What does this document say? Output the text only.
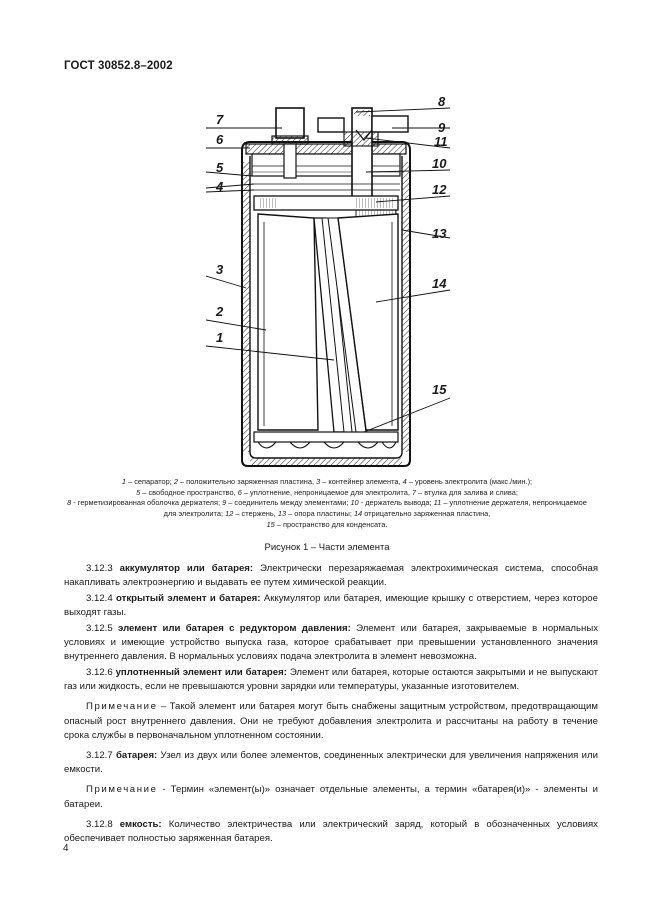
ГОСТ 30852.8–2002
7
6
5
4
3
2
1
8
9
11
10
12
13
14
15
1 – сепаратор; 2 – положительно заряженная пластина, 3 – контейнер элемента, 4 – уровень электролита (макс./мин.);
5 – свободное пространство, 6 – уплотнение, непроницаемое для электролита, 7 – втулка для залива и слива;
8 - герметизированная оболочка держателя; 9 – соединитель между элементами; 10 - держатель вывода; 11 – уплотнение держателя, непроницаемое для электролита; 12 – стержень, 13 – опора пластины; 14 отрицательно заряженная пластина,
15 – пространство для конденсата.
Рисунок 1 – Части элемента

3.12.3 аккумулятор или батарея: Электрически перезаряжаемая электрохимическая система, способная накапливать электроэнергию и выдавать ее путем химической реакции.

3.12.4 открытый элемент и батарея: Аккумулятор или батарея, имеющие крышку с отверстием, через которое выходят газы.

3.12.5 элемент или батарея с редуктором давления: Элемент или батарея, закрываемые в нормальных условиях и имеющие устройство выпуска газа, которое срабатывает при превышении установленного значения внутреннего давления. В нормальных условиях подача электролита в элемент невозможна.

3.12.6 уплотненный элемент или батарея: Элемент или батарея, которые остаются закрытыми и не выпускают газ или жидкость, если не превышаются уровни зарядки или температуры, указанные изготовителем.

Примечание – Такой элемент или батарея могут быть снабжены защитным устройством, предотвращающим опасный рост внутреннего давления. Они не требуют добавления электролита и рассчитаны на работу в течение срока службы в первоначальном уплотненном состоянии.

3.12.7 батарея: Узел из двух или более элементов, соединенных электрически для увеличения напряжения или емкости.

Примечание - Термин «элемент(ы)» означает отдельные элементы, а термин «батарея(и)» - элементы и батареи.

3.12.8 емкость: Количество электричества или электрический заряд, который в обозначенных условиях обеспечивает полностью заряженная батарея.

4
